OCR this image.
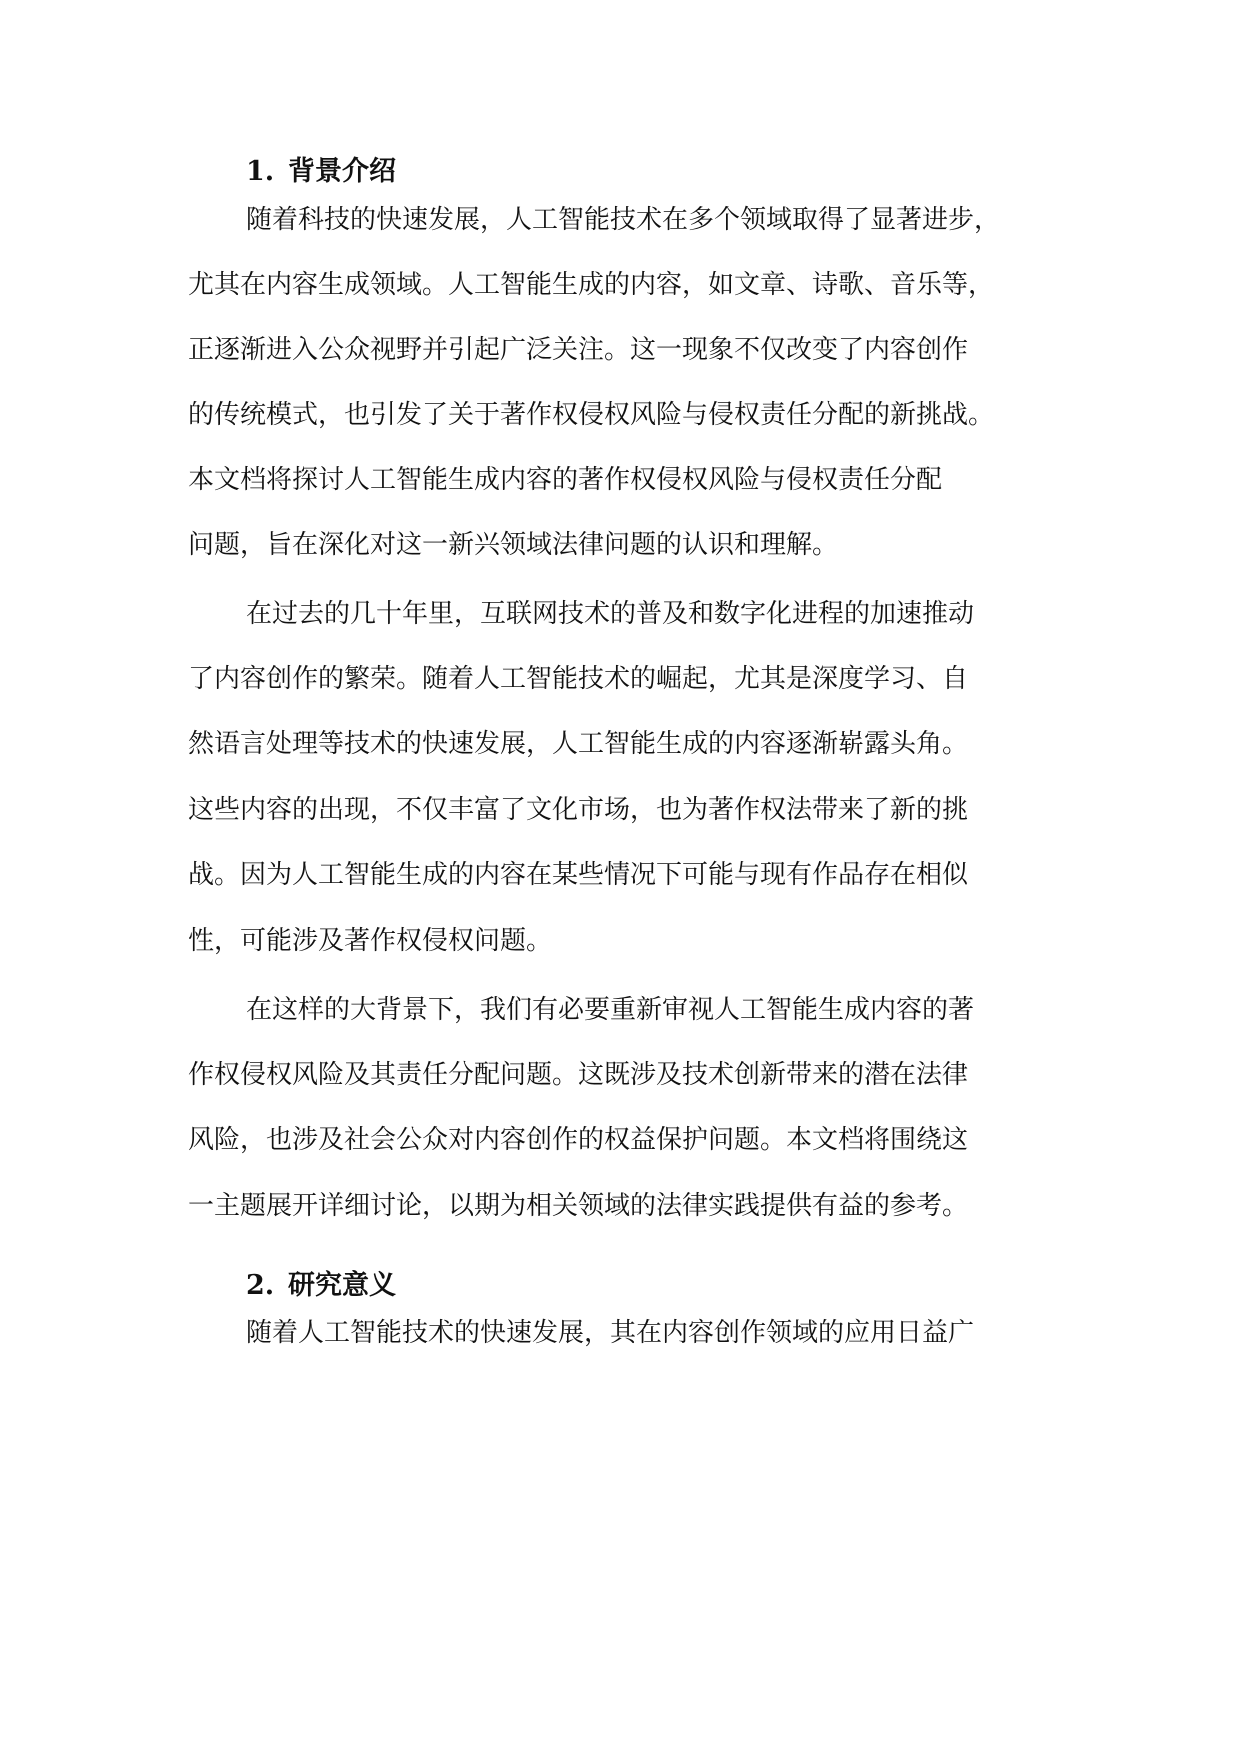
1. 背景介绍
随着科技的快速发展，人工智能技术在多个领域取得了显著进步，
尤其在内容生成领域。人工智能生成的内容，如文章、诗歌、音乐等，
正逐渐进入公众视野并引起广泛关注。这一现象不仅改变了内容创作
的传统模式，也引发了关于著作权侵权风险与侵权责任分配的新挑战。
本文档将探讨人工智能生成内容的著作权侵权风险与侵权责任分配
问题，旨在深化对这一新兴领域法律问题的认识和理解。
在过去的几十年里，互联网技术的普及和数字化进程的加速推动
了内容创作的繁荣。随着人工智能技术的崛起，尤其是深度学习、自
然语言处理等技术的快速发展，人工智能生成的内容逐渐崭露头角。
这些内容的出现，不仅丰富了文化市场，也为著作权法带来了新的挑
战。因为人工智能生成的内容在某些情况下可能与现有作品存在相似
性，可能涉及著作权侵权问题。
在这样的大背景下，我们有必要重新审视人工智能生成内容的著
作权侵权风险及其责任分配问题。这既涉及技术创新带来的潜在法律
风险，也涉及社会公众对内容创作的权益保护问题。本文档将围绕这
一主题展开详细讨论，以期为相关领域的法律实践提供有益的参考。
2. 研究意义
随着人工智能技术的快速发展，其在内容创作领域的应用日益广
